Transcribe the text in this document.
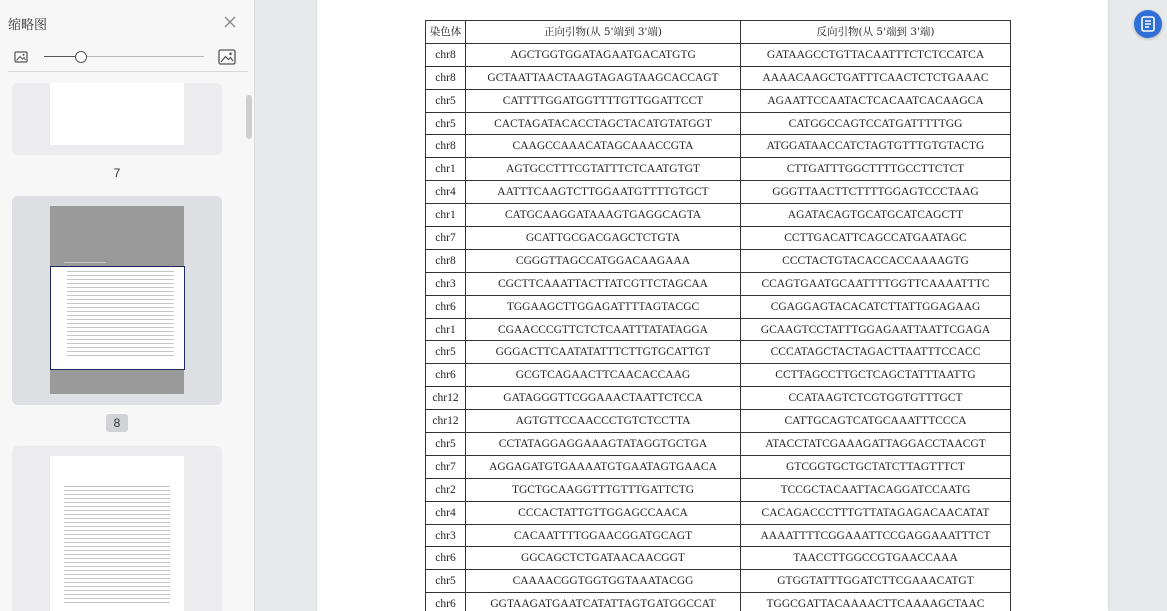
缩略图
7
8
染色体	正向引物(从 5'端到 3'端)	反向引物(从 5'端到 3'端)
chr8	AGCTGGTGGATAGAATGACATGTG	GATAAGCCTGTTACAATTTCTCTCCATCA
chr8	GCTAATTAACTAAGTAGAGTAAGCACCAGT	AAAACAAGCTGATTTCAACTCTCTGAAAC
chr5	CATTTTGGATGGTTTTGTTGGATTCCT	AGAATTCCAATACTCACAATCACAAGCA
chr5	CACTAGATACACCTAGCTACATGTATGGT	CATGGCCAGTCCATGATTTTTGG
chr8	CAAGCCAAACATAGCAAACCGTA	ATGGATAACCATCTAGTGTTTGTGTACTG
chr1	AGTGCCTTTCGTATTTCTCAATGTGT	CTTGATTTGGCTTTTGCCTTCTCT
chr4	AATTTCAAGTCTTGGAATGTTTTGTGCT	GGGTTAACTTCTTTTGGAGTCCCTAAG
chr1	CATGCAAGGATAAAGTGAGGCAGTA	AGATACAGTGCATGCATCAGCTT
chr7	GCATTGCGACGAGCTCTGTA	CCTTGACATTCAGCCATGAATAGC
chr8	CGGGTTAGCCATGGACAAGAAA	CCCTACTGTACACCACCAAAAGTG
chr3	CGCTTCAAATTACTTATCGTTCTAGCAA	CCAGTGAATGCAATTTTGGTTCAAAATTTC
chr6	TGGAAGCTTGGAGATTTTAGTACGC	CGAGGAGTACACATCTTATTGGAGAAG
chr1	CGAACCCGTTCTCTCAATTTATATAGGA	GCAAGTCCTATTTGGAGAATTAATTCGAGA
chr5	GGGACTTCAATATATTTCTTGTGCATTGT	CCCATAGCTACTAGACTTAATTTCCACC
chr6	GCGTCAGAACTTCAACACCAAG	CCTTAGCCTTGCTCAGCTATTTAATTG
chr12	GATAGGGTTCGGAAACTAATTCTCCA	CCATAAGTCTCGTGGTGTTTGCT
chr12	AGTGTTCCAACCCTGTCTCCTTA	CATTGCAGTCATGCAAATTTCCCA
chr5	CCTATAGGAGGAAAGTATAGGTGCTGA	ATACCTATCGAAAGATTAGGACCTAACGT
chr7	AGGAGATGTGAAAATGTGAATAGTGAACA	GTCGGTGCTGCTATCTTAGTTTCT
chr2	TGCTGCAAGGTTTGTTTGATTCTG	TCCGCTACAATTACAGGATCCAATG
chr4	CCCACTATTGTTGGAGCCAACA	CACAGACCCTTTGTTATAGAGACAACATAT
chr3	CACAATTTTGGAACGGATGCAGT	AAAATTTTCGGAAATTCCGAGGAAATTTCT
chr6	GGCAGCTCTGATAACAACGGT	TAACCTTGGCCGTGAACCAAA
chr5	CAAAACGGTGGTGGTAAATACGG	GTGGTATTTGGATCTTCGAAACATGT
chr6	GGTAAGATGAATCATATTAGTGATGGCCAT	TGGCGATTACAAAACTTCAAAAGCTAAC
